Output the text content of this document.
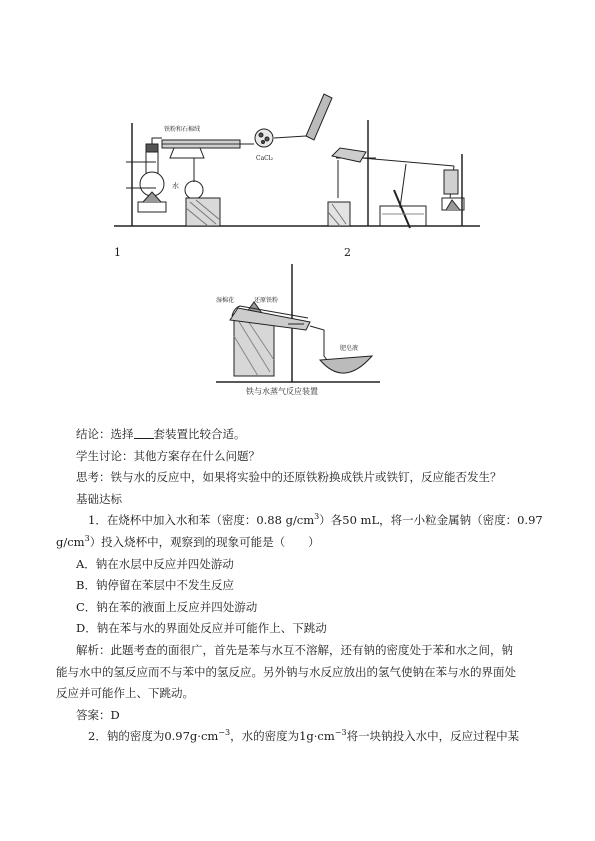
铁粉和石棉绒
水
CaCl₂
1	2
湿棉花	还原铁粉
肥皂液
铁与水蒸气反应装置

结论：选择 套装置比较合适。

学生讨论：其他方案存在什么问题？

思考：铁与水的反应中，如果将实验中的还原铁粉换成铁片或铁钉，反应能否发生？

基础达标

1．在烧杯中加入水和苯（密度：0.88 $g/cm^3$）各50 mL，将一小粒金属钠（密度：0.97

$g/cm^3$）投入烧杯中，观察到的现象可能是（　　）

A．钠在水层中反应并四处游动

B．钠停留在苯层中不发生反应

C．钠在苯的液面上反应并四处游动

D．钠在苯与水的界面处反应并可能作上、下跳动

解析：此题考查的面很广，首先是苯与水互不溶解，还有钠的密度处于苯和水之间，钠

能与水中的氢反应而不与苯中的氢反应。另外钠与水反应放出的氢气使钠在苯与水的界面处

反应并可能作上、下跳动。

答案：D

2．钠的密度为$0.97g\cdot cm^{-3}$，水的密度为$1g\cdot cm^{-3}$将一块钠投入水中，反应过程中某
